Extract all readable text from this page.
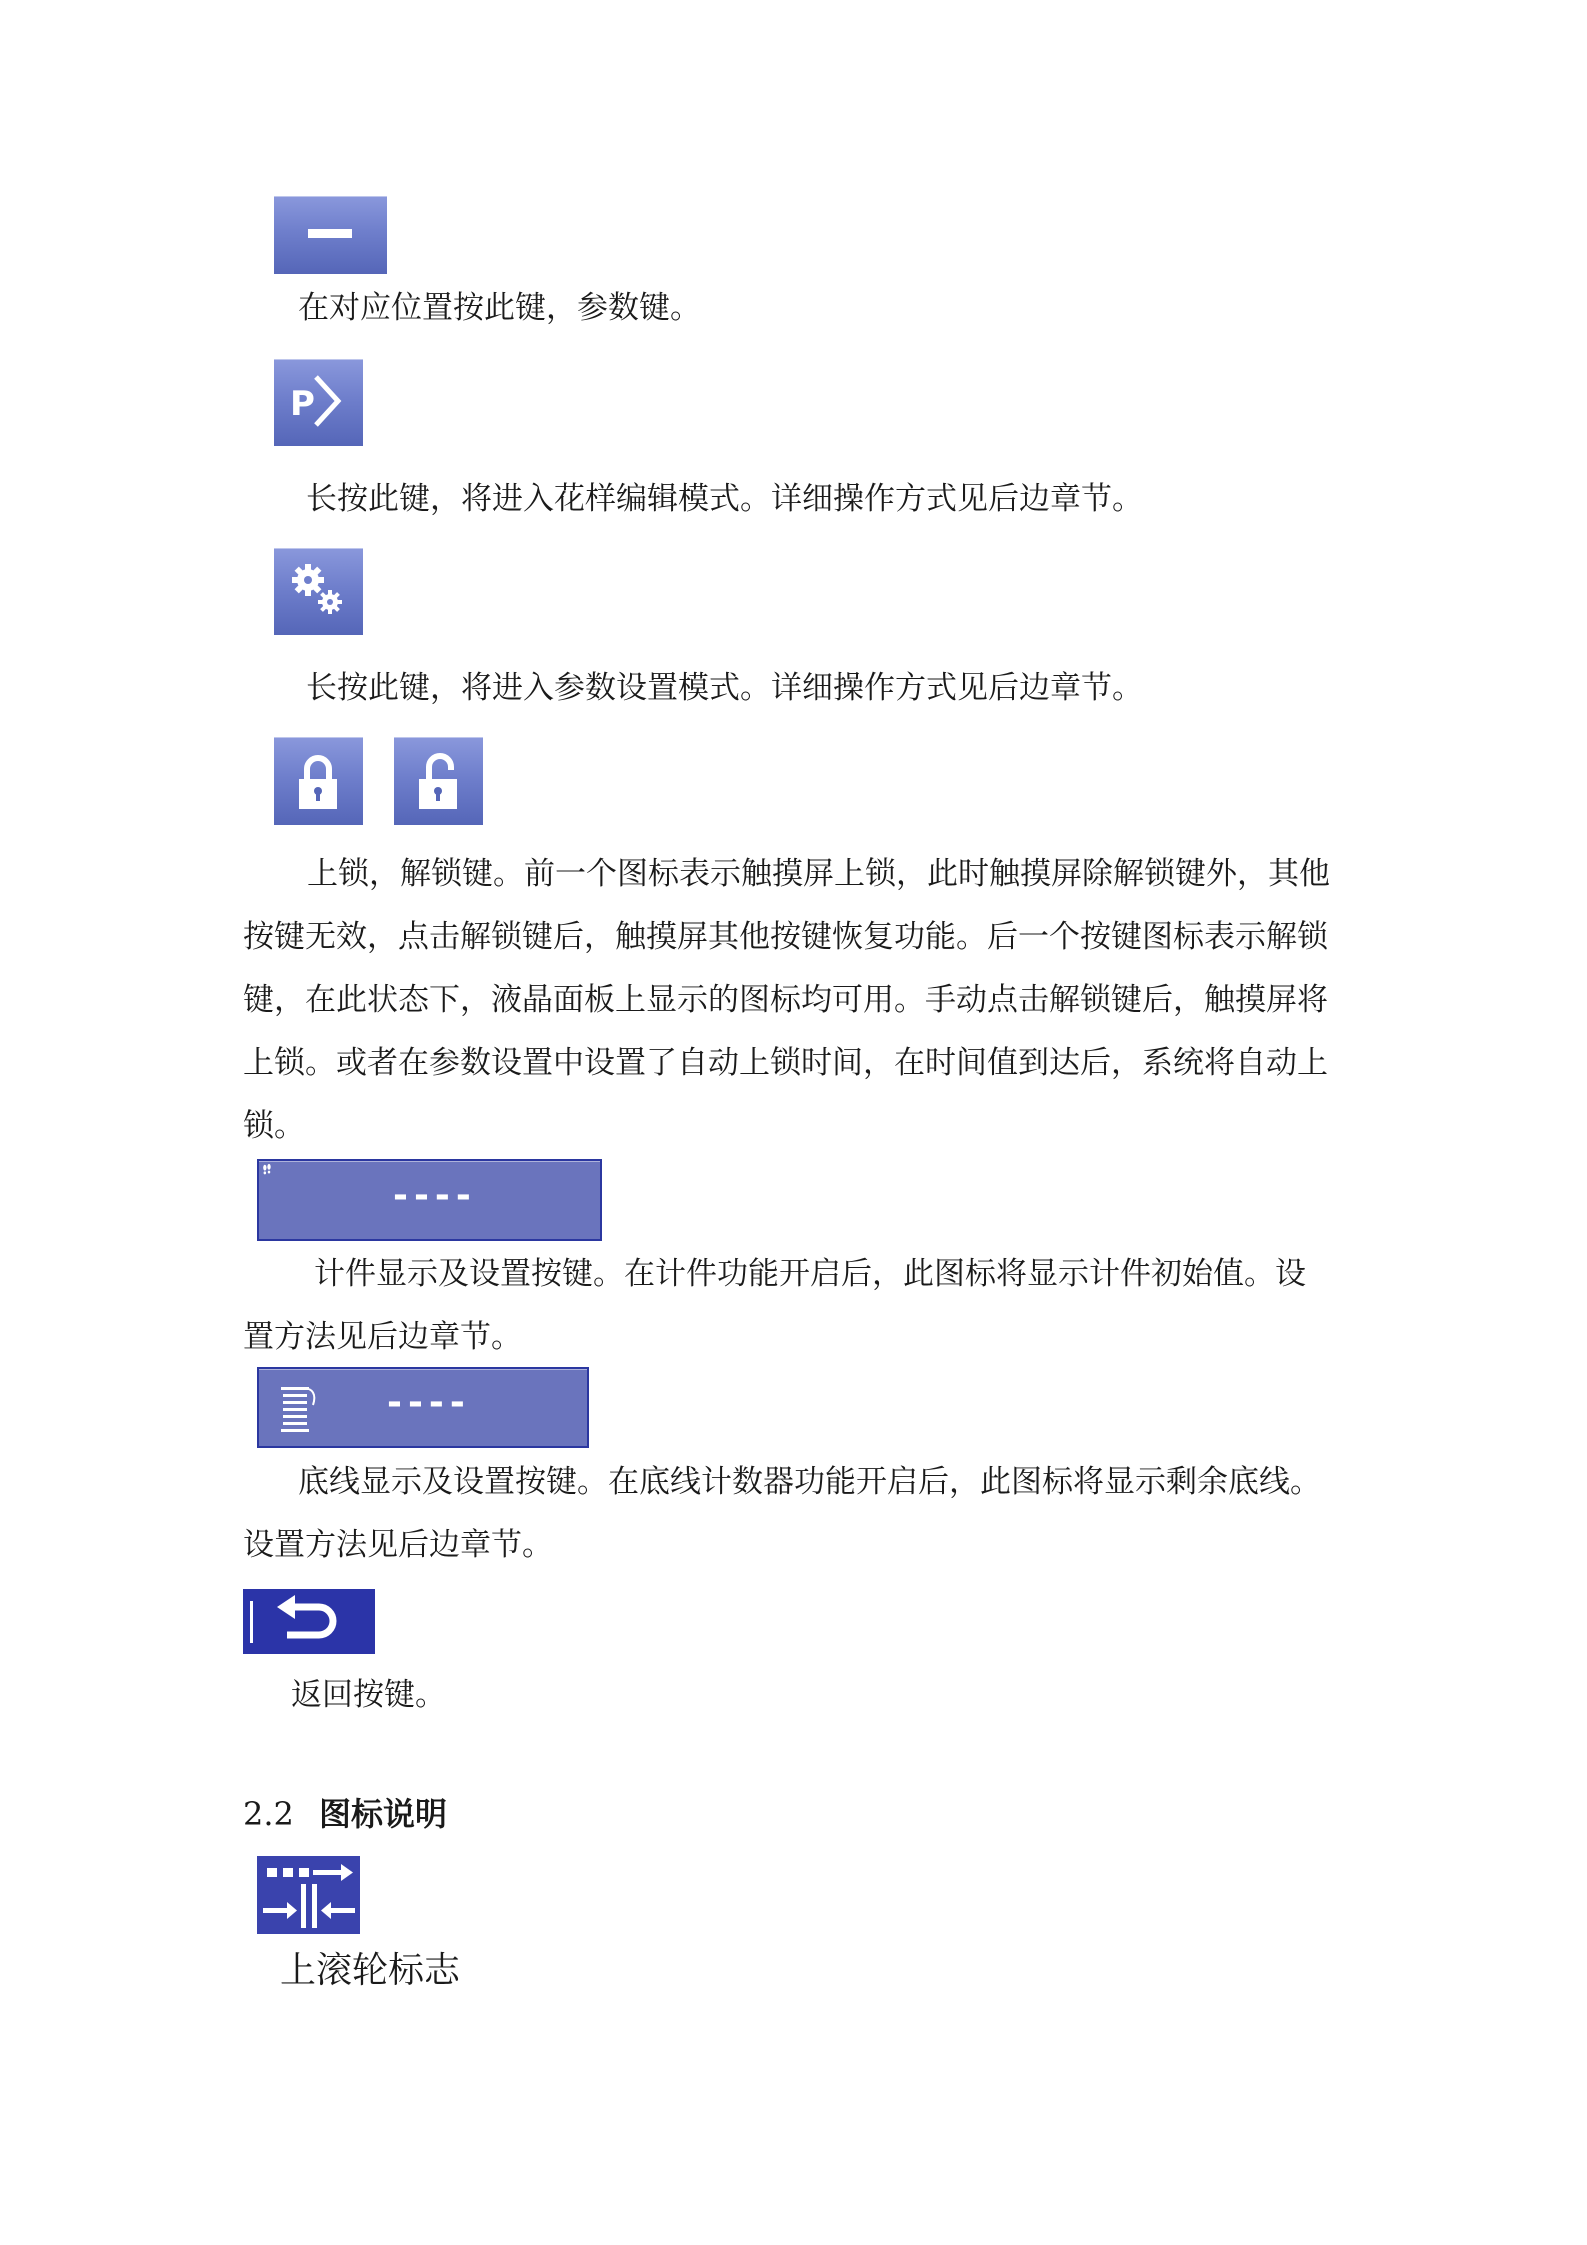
在对应位置按此键，参数键。
P
长按此键，将进入花样编辑模式。详细操作方式见后边章节。
长按此键，将进入参数设置模式。详细操作方式见后边章节。
上锁，解锁键。前一个图标表示触摸屏上锁，此时触摸屏除解锁键外，其他
按键无效，点击解锁键后，触摸屏其他按键恢复功能。后一个按键图标表示解锁
键，在此状态下，液晶面板上显示的图标均可用。手动点击解锁键后，触摸屏将
上锁。或者在参数设置中设置了自动上锁时间，在时间值到达后，系统将自动上
锁。
----
计件显示及设置按键。在计件功能开启后，此图标将显示计件初始值。设
置方法见后边章节。
----
底线显示及设置按键。在底线计数器功能开启后，此图标将显示剩余底线。
设置方法见后边章节。
返回按键。
2.2 图标说明
上滚轮标志
